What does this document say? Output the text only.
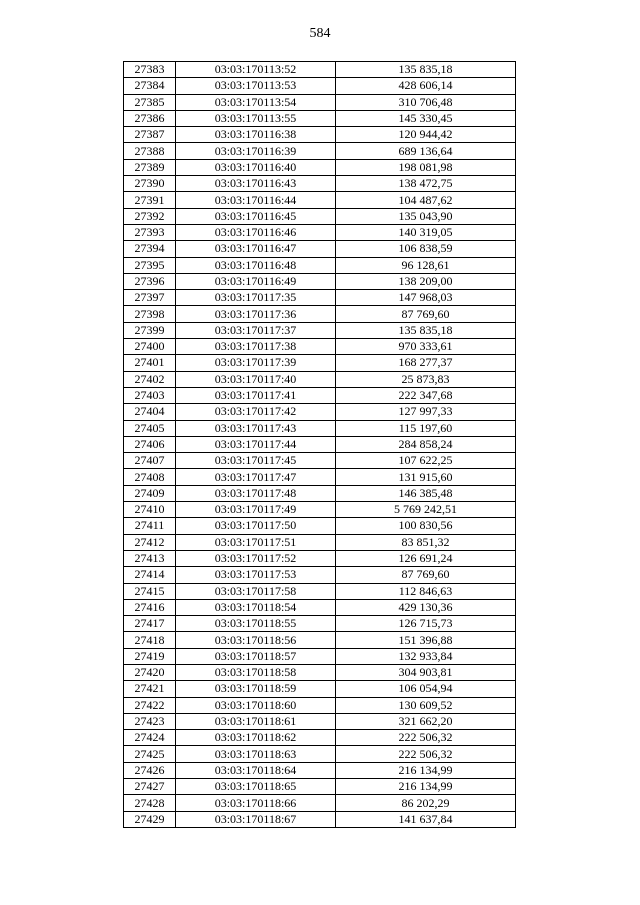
584
27383	03:03:170113:52	135 835,18
27384	03:03:170113:53	428 606,14
27385	03:03:170113:54	310 706,48
27386	03:03:170113:55	145 330,45
27387	03:03:170116:38	120 944,42
27388	03:03:170116:39	689 136,64
27389	03:03:170116:40	198 081,98
27390	03:03:170116:43	138 472,75
27391	03:03:170116:44	104 487,62
27392	03:03:170116:45	135 043,90
27393	03:03:170116:46	140 319,05
27394	03:03:170116:47	106 838,59
27395	03:03:170116:48	96 128,61
27396	03:03:170116:49	138 209,00
27397	03:03:170117:35	147 968,03
27398	03:03:170117:36	87 769,60
27399	03:03:170117:37	135 835,18
27400	03:03:170117:38	970 333,61
27401	03:03:170117:39	168 277,37
27402	03:03:170117:40	25 873,83
27403	03:03:170117:41	222 347,68
27404	03:03:170117:42	127 997,33
27405	03:03:170117:43	115 197,60
27406	03:03:170117:44	284 858,24
27407	03:03:170117:45	107 622,25
27408	03:03:170117:47	131 915,60
27409	03:03:170117:48	146 385,48
27410	03:03:170117:49	5 769 242,51
27411	03:03:170117:50	100 830,56
27412	03:03:170117:51	83 851,32
27413	03:03:170117:52	126 691,24
27414	03:03:170117:53	87 769,60
27415	03:03:170117:58	112 846,63
27416	03:03:170118:54	429 130,36
27417	03:03:170118:55	126 715,73
27418	03:03:170118:56	151 396,88
27419	03:03:170118:57	132 933,84
27420	03:03:170118:58	304 903,81
27421	03:03:170118:59	106 054,94
27422	03:03:170118:60	130 609,52
27423	03:03:170118:61	321 662,20
27424	03:03:170118:62	222 506,32
27425	03:03:170118:63	222 506,32
27426	03:03:170118:64	216 134,99
27427	03:03:170118:65	216 134,99
27428	03:03:170118:66	86 202,29
27429	03:03:170118:67	141 637,84
